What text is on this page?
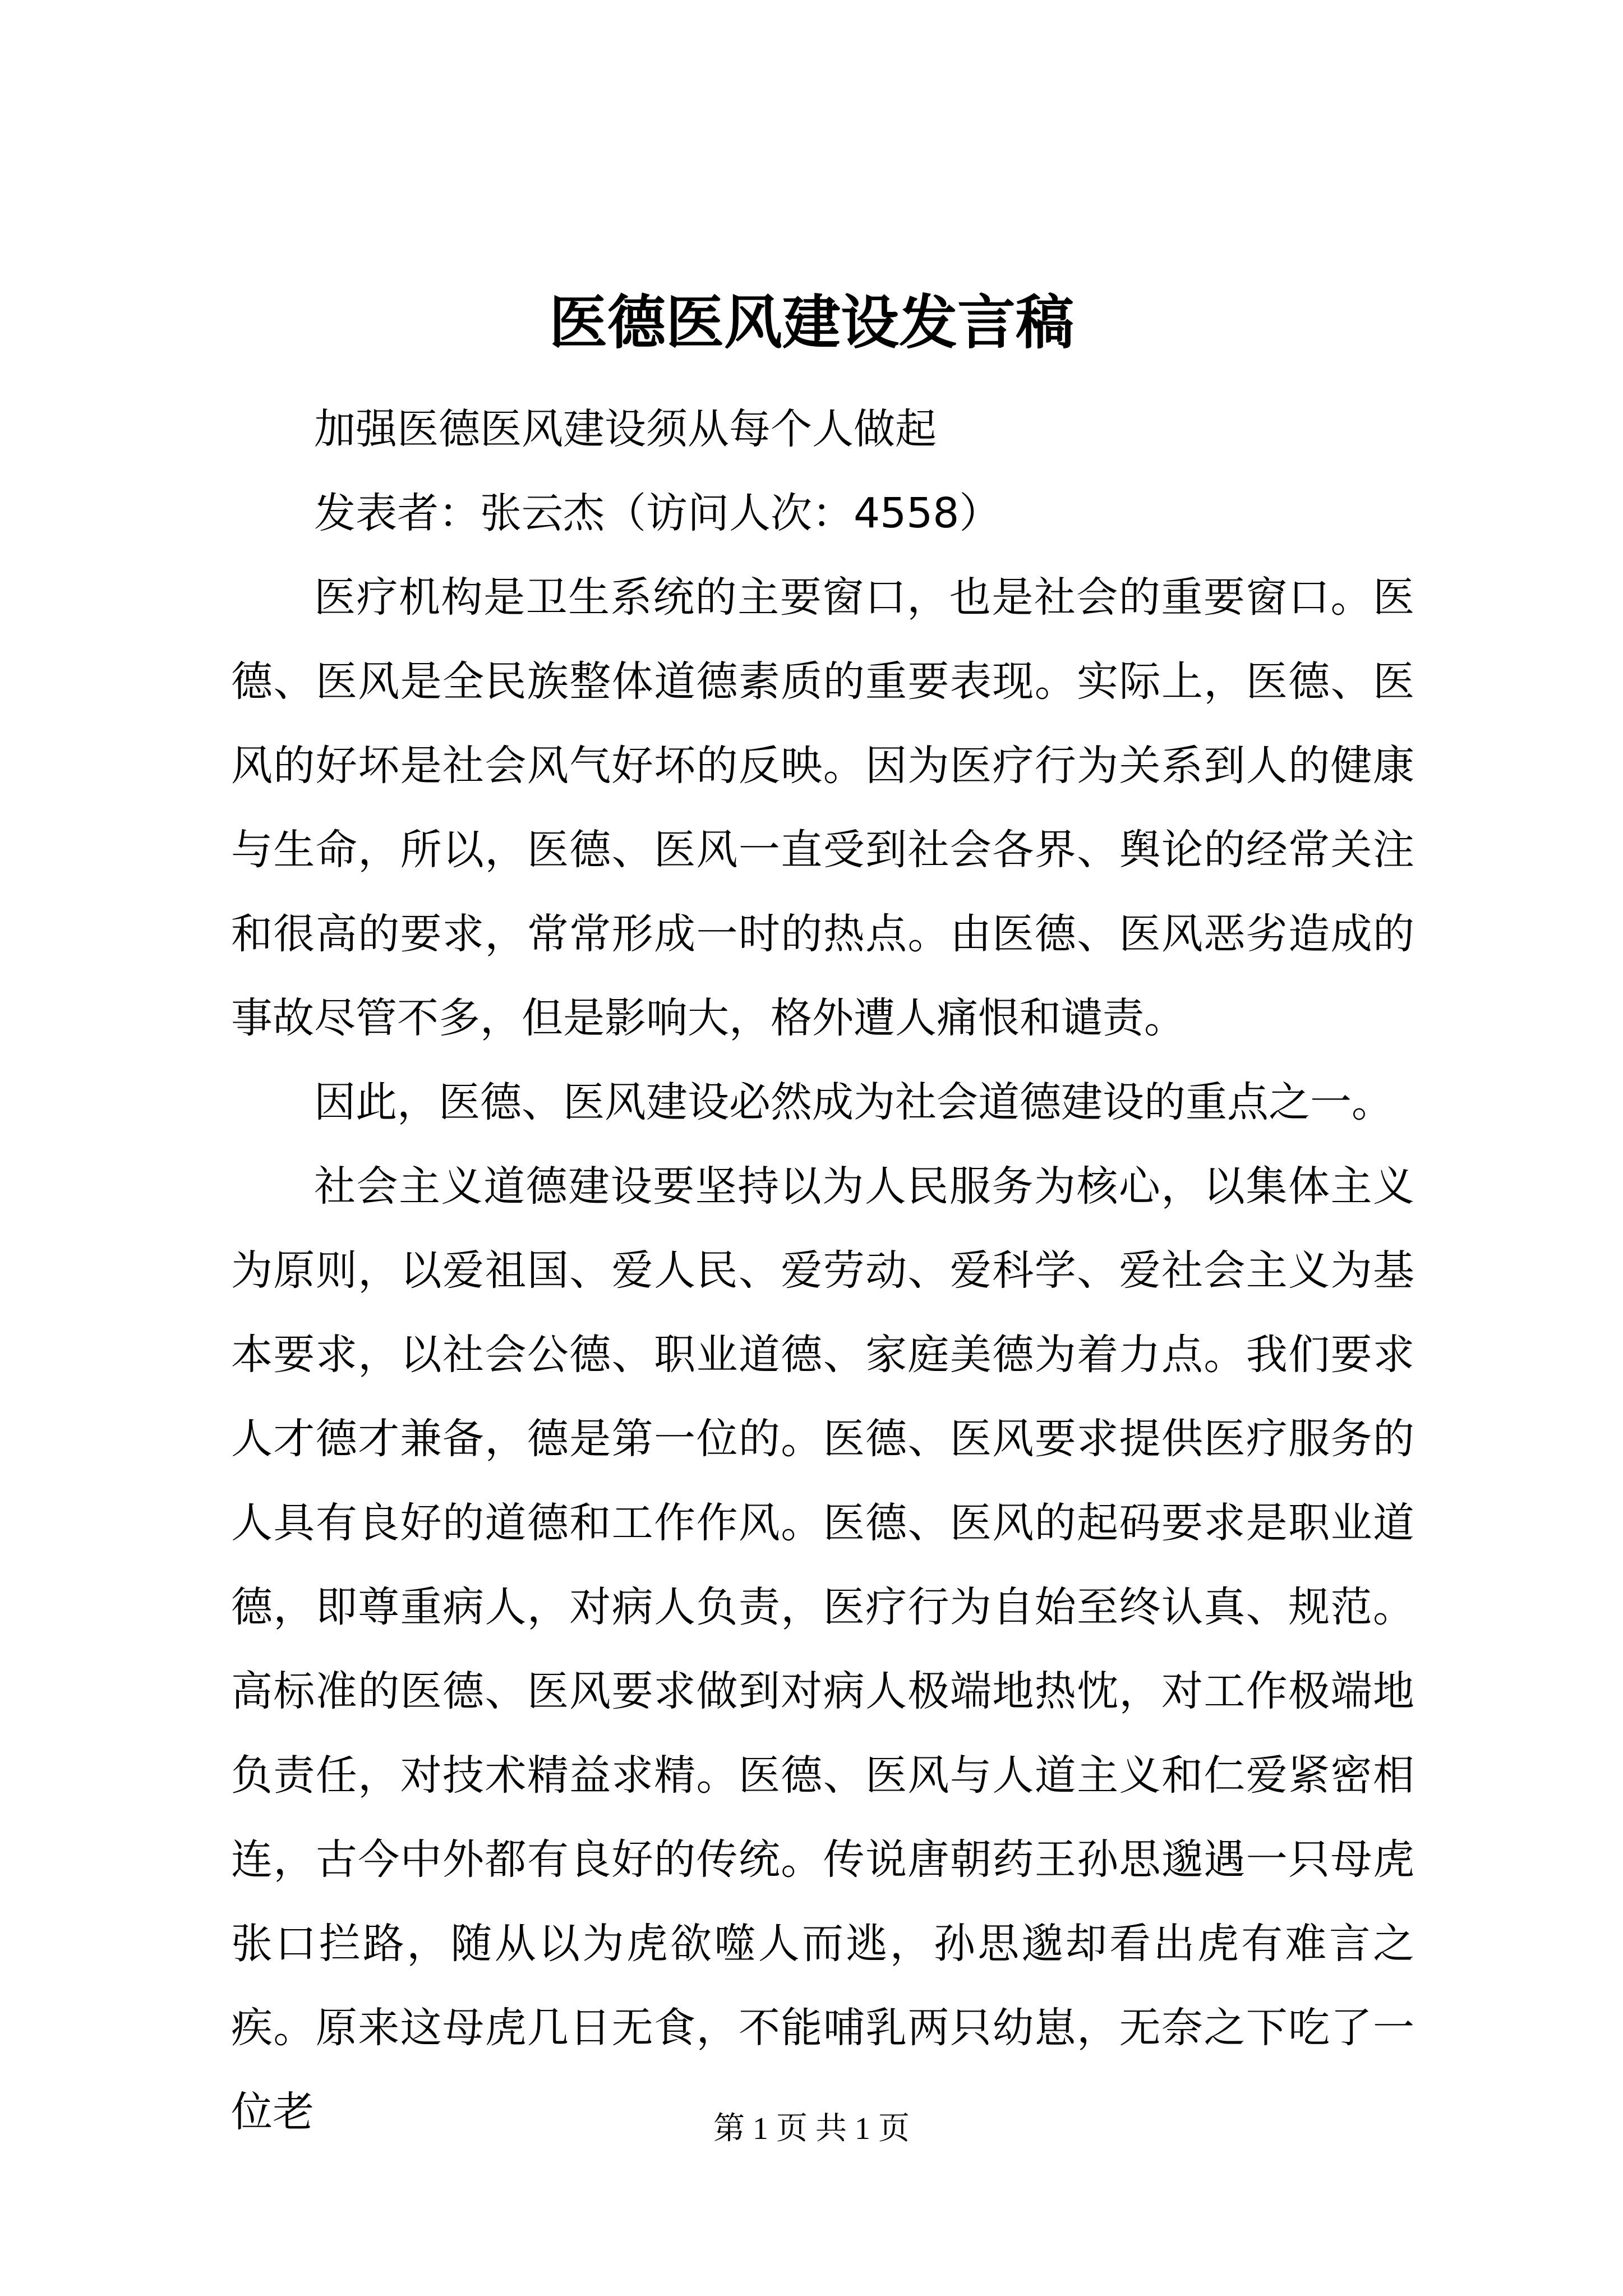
医德医风建设发言稿

加强医德医风建设须从每个人做起

发表者：张云杰（访问人次：4558）

医疗机构是卫生系统的主要窗口，也是社会的重要窗口。医德、医风是全民族整体道德素质的重要表现。实际上，医德、医风的好坏是社会风气好坏的反映。因为医疗行为关系到人的健康与生命，所以，医德、医风一直受到社会各界、舆论的经常关注和很高的要求，常常形成一时的热点。由医德、医风恶劣造成的事故尽管不多，但是影响大，格外遭人痛恨和谴责。

因此，医德、医风建设必然成为社会道德建设的重点之一。

社会主义道德建设要坚持以为人民服务为核心，以集体主义为原则，以爱祖国、爱人民、爱劳动、爱科学、爱社会主义为基本要求，以社会公德、职业道德、家庭美德为着力点。我们要求人才德才兼备，德是第一位的。医德、医风要求提供医疗服务的人具有良好的道德和工作作风。医德、医风的起码要求是职业道德，即尊重病人，对病人负责，医疗行为自始至终认真、规范。高标准的医德、医风要求做到对病人极端地热忱，对工作极端地负责任，对技术精益求精。医德、医风与人道主义和仁爱紧密相连，古今中外都有良好的传统。传说唐朝药王孙思邈遇一只母虎张口拦路，随从以为虎欲噬人而逃，孙思邈却看出虎有难言之疾。原来这母虎几日无食，不能哺乳两只幼崽，无奈之下吃了一位老	第 1 页 共 1 页
